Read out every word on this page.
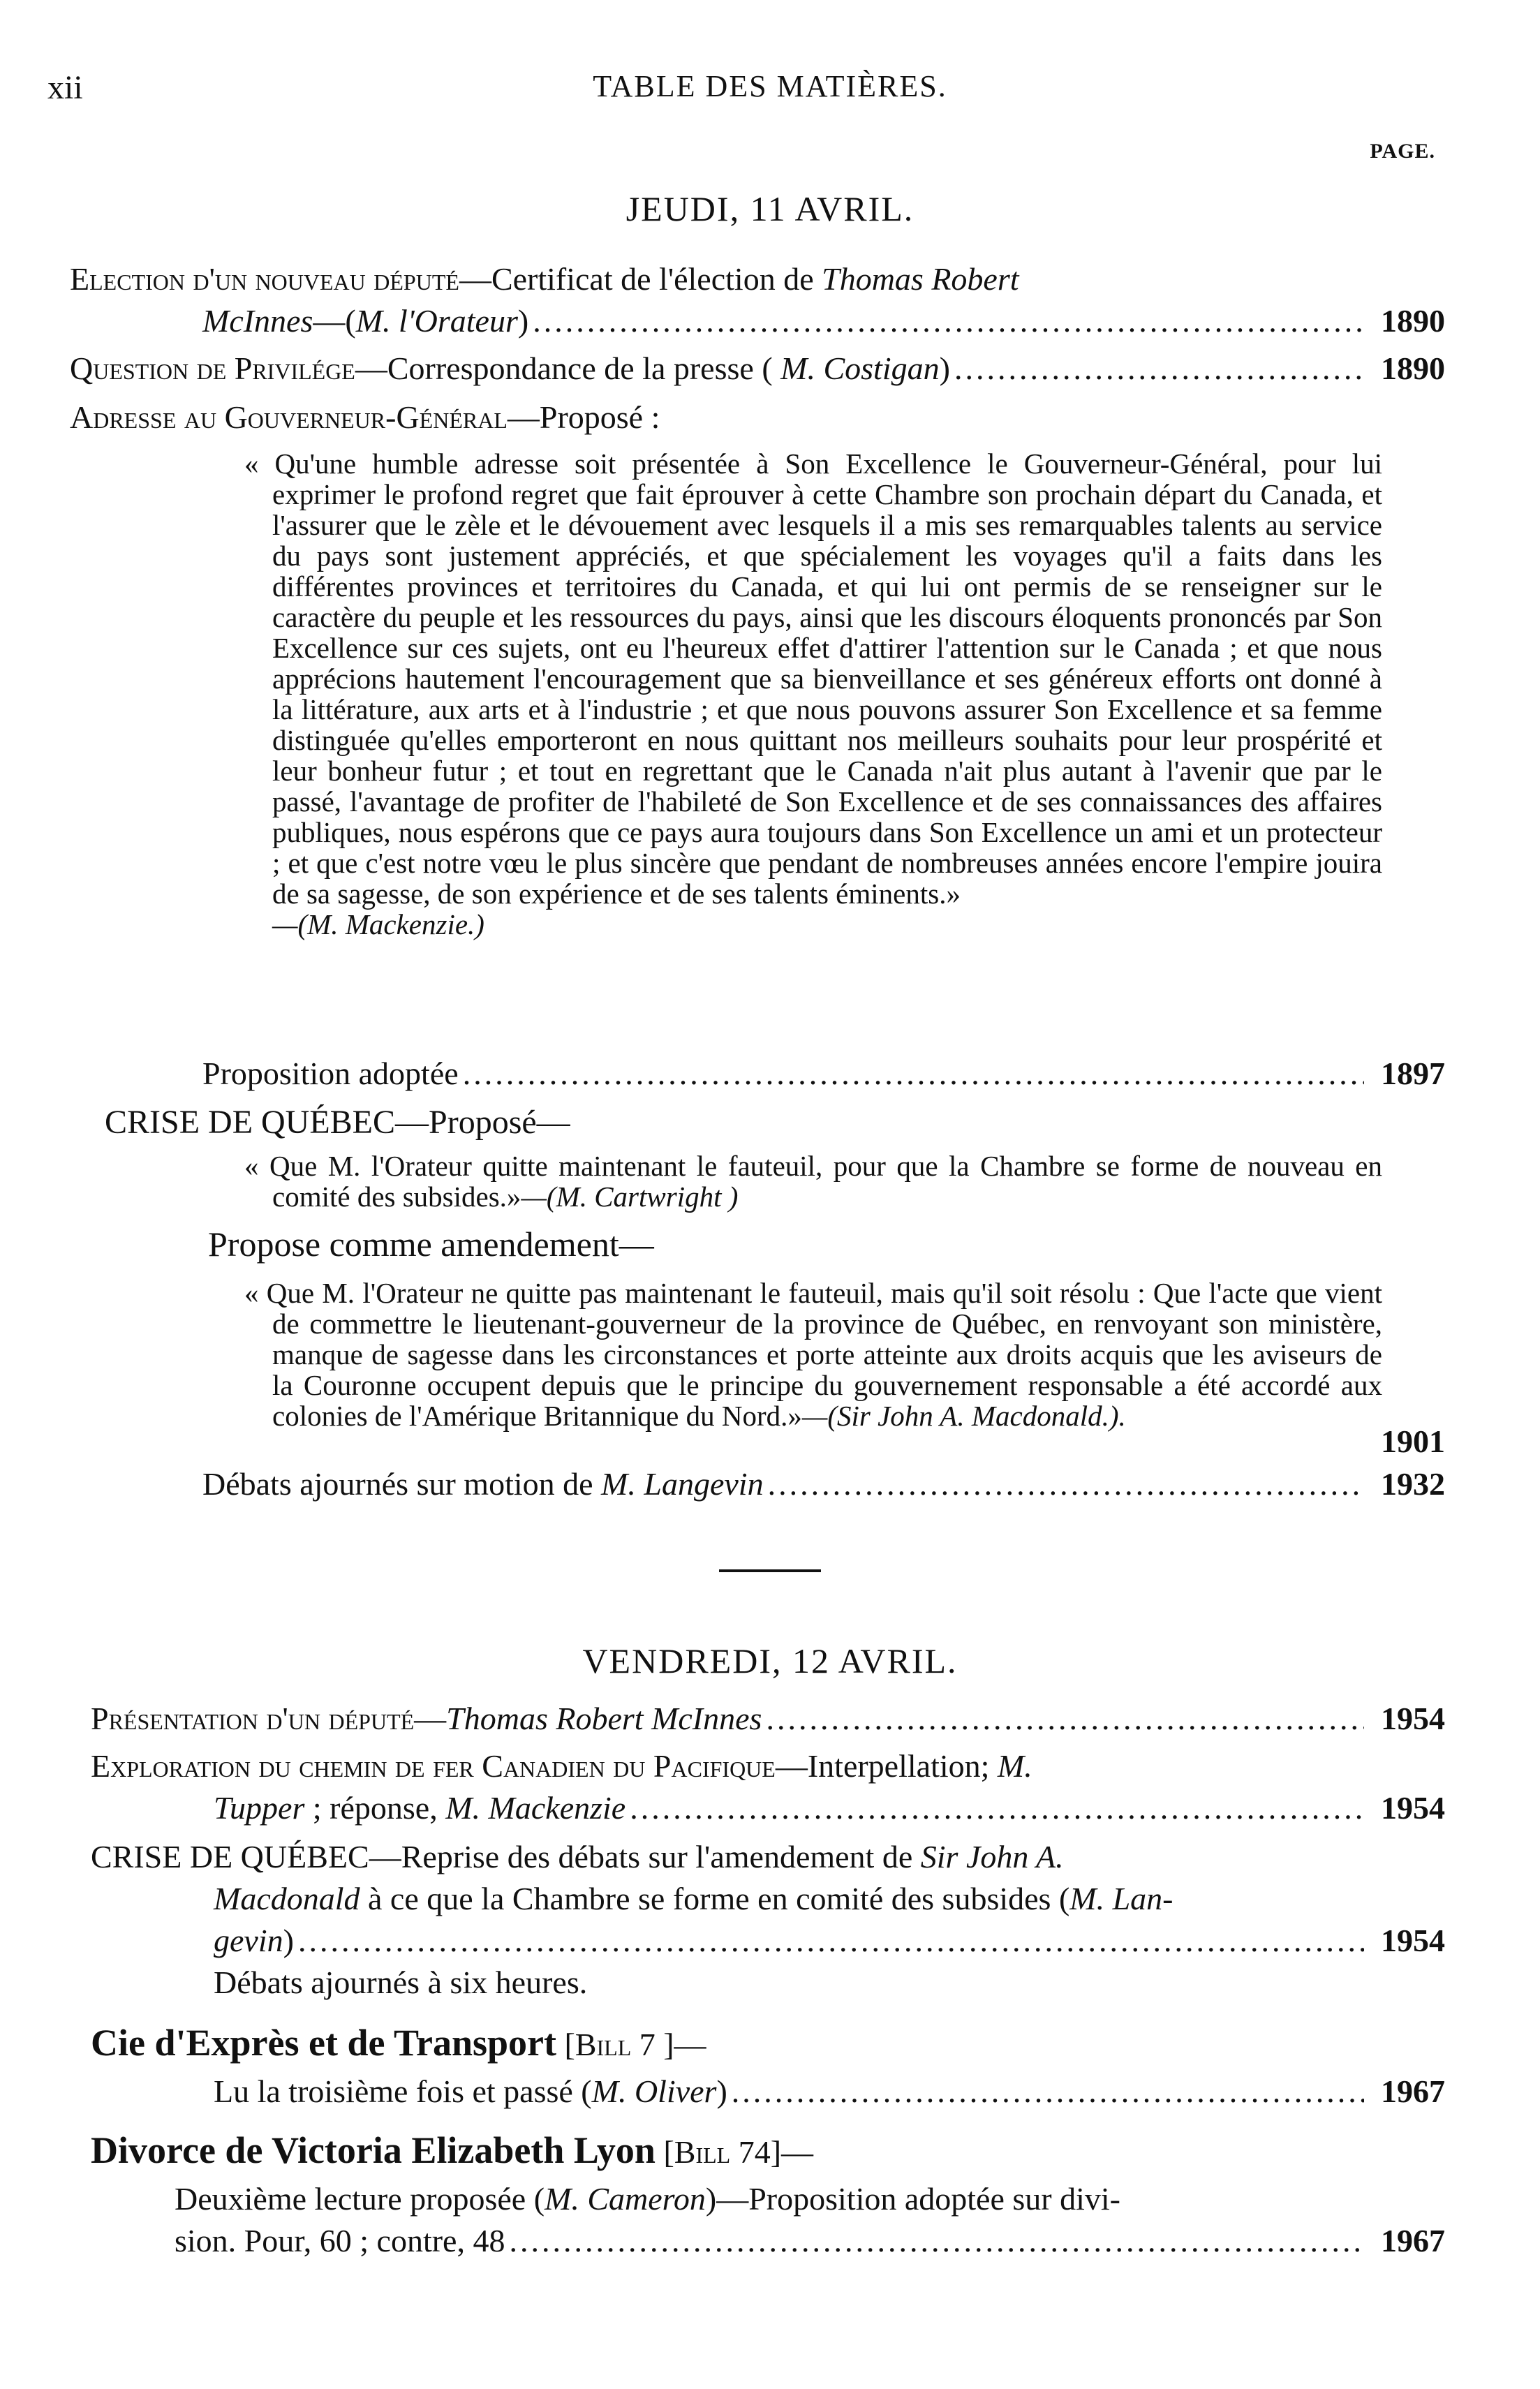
xii	TABLE DES MATIÈRES.
PAGE.
JEUDI, 11 AVRIL.
Election d'un nouveau député—Certificat de l'élection de Thomas Robert
McInnes—(M. l'Orateur) .....	1890
Question de Privilége—Correspondance de la presse ( M. Costigan) .....	1890
Adresse au Gouverneur-Général—Proposé :
« Qu'une humble adresse soit présentée à Son Excellence le Gouverneur-Général, pour lui exprimer le profond regret que fait éprouver à cette Chambre son prochain départ du Canada, et l'assurer que le zèle et le dévouement avec lesquels il a mis ses remarquables talents au service du pays sont justement appréciés, et que spécialement les voyages qu'il a faits dans les différentes provinces et territoires du Canada, et qui lui ont permis de se renseigner sur le caractère du peuple et les ressources du pays, ainsi que les discours éloquents prononcés par Son Excellence sur ces sujets, ont eu l'heureux effet d'attirer l'attention sur le Canada ; et que nous apprécions hautement l'encouragement que sa bienveillance et ses généreux efforts ont donné à la littérature, aux arts et à l'industrie ; et que nous pouvons assurer Son Excellence et sa femme distinguée qu'elles emporteront en nous quittant nos meilleurs souhaits pour leur prospérité et leur bonheur futur ; et tout en regrettant que le Canada n'ait plus autant à l'avenir que par le passé, l'avantage de profiter de l'habileté de Son Excellence et de ses connaissances des affaires publiques, nous espérons que ce pays aura toujours dans Son Excellence un ami et un protecteur ; et que c'est notre vœu le plus sincère que pendant de nombreuses années encore l'empire jouira de sa sagesse, de son expérience et de ses talents éminents.»
—(M. Mackenzie.)
Proposition adoptée .....	1897
CRISE DE QUÉBEC—Proposé—
« Que M. l'Orateur quitte maintenant le fauteuil, pour que la Chambre se forme de nouveau en comité des subsides.»—(M. Cartwright )
Propose comme amendement—
« Que M. l'Orateur ne quitte pas maintenant le fauteuil, mais qu'il soit résolu : Que l'acte que vient de commettre le lieutenant-gouverneur de la province de Québec, en renvoyant son ministère, manque de sagesse dans les circonstances et porte atteinte aux droits acquis que les aviseurs de la Couronne occupent depuis que le principe du gouvernement responsable a été accordé aux colonies de l'Amérique Britannique du Nord.»—(Sir John A. Macdonald.).
1901
Débats ajournés sur motion de M. Langevin .....	1932
VENDREDI, 12 AVRIL.
Présentation d'un député—Thomas Robert McInnes .....	1954
Exploration du chemin de fer Canadien du Pacifique—Interpellation; M.
Tupper ; réponse, M. Mackenzie .....	1954
CRISE DE QUÉBEC—Reprise des débats sur l'amendement de Sir John A.
Macdonald à ce que la Chambre se forme en comité des subsides (M. Lan-
gevin) .....	1954
Débats ajournés à six heures.
Cie d'Exprès et de Transport [Bill 7 ]—
Lu la troisième fois et passé (M. Oliver) .....	1967
Divorce de Victoria Elizabeth Lyon [Bill 74]—
Deuxième lecture proposée (M. Cameron)—Proposition adoptée sur divi-
sion. Pour, 60 ; contre, 48 .....	1967
